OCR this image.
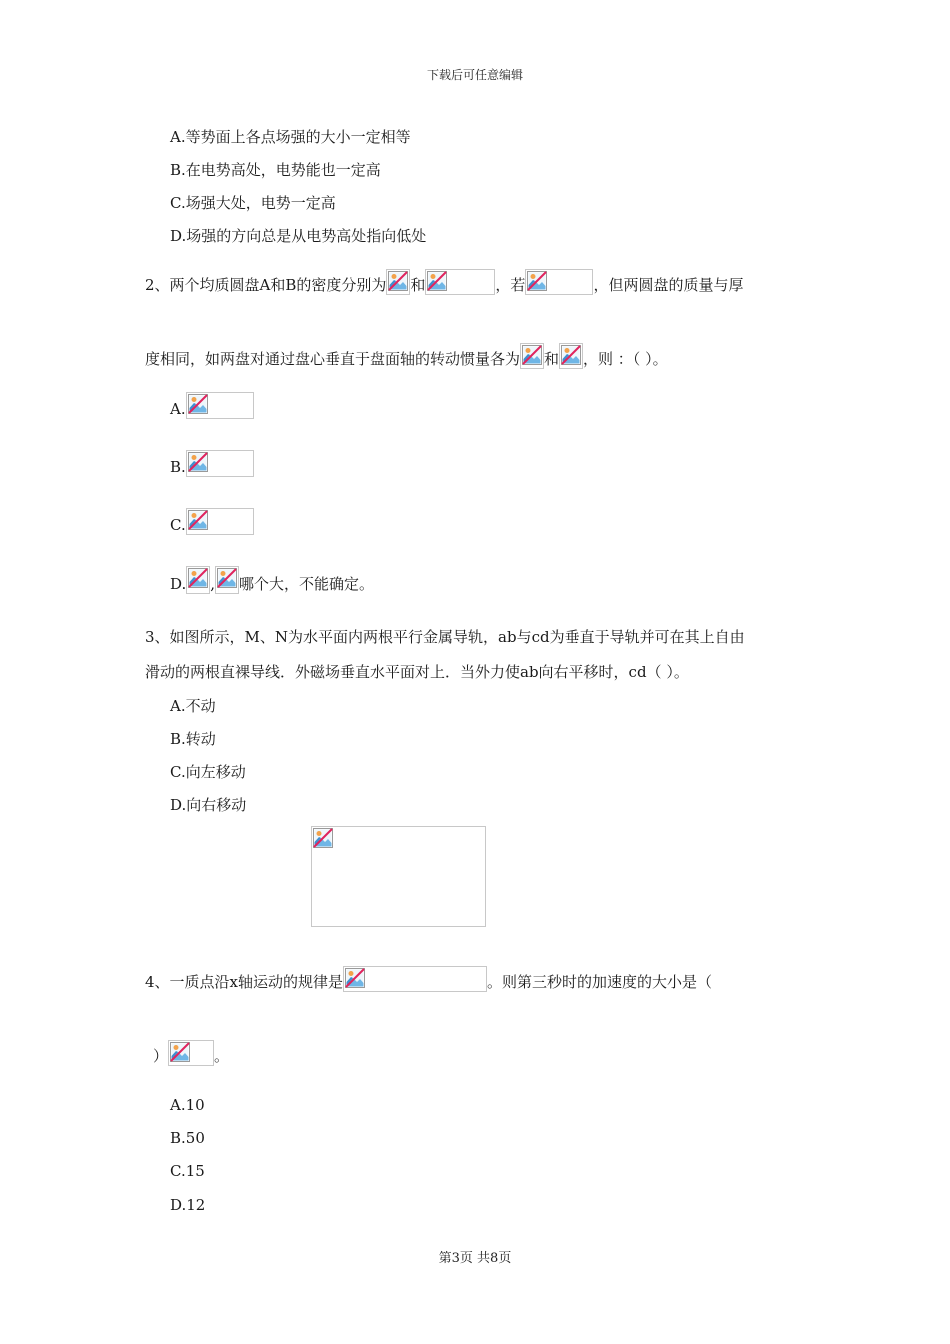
下载后可任意编辑
A.等势面上各点场强的大小一定相等
B.在电势高处，电势能也一定高
C.场强大处，电势一定高
D.场强的方向总是从电势高处指向低处
2、两个均质圆盘A和B的密度分别为 和	，若	，但两圆盘的质量与厚
度相同，如两盘对通过盘心垂直于盘面轴的转动惯量各为 和 ，则 ：（ ）。
A.
B.
C.
D. , 哪个大，不能确定。
3、如图所示，M、N为水平面内两根平行金属导轨，ab与cd为垂直于导轨并可在其上自由
滑动的两根直裸导线．外磁场垂直水平面对上．当外力使ab向右平移时，cd（ ）。
A.不动
B.转动
C.向左移动
D.向右移动
4、一质点沿x轴运动的规律是	。则第三秒时的加速度的大小是（
）	。
A.10
B.50
C.15
D.12
第3页 共8页
